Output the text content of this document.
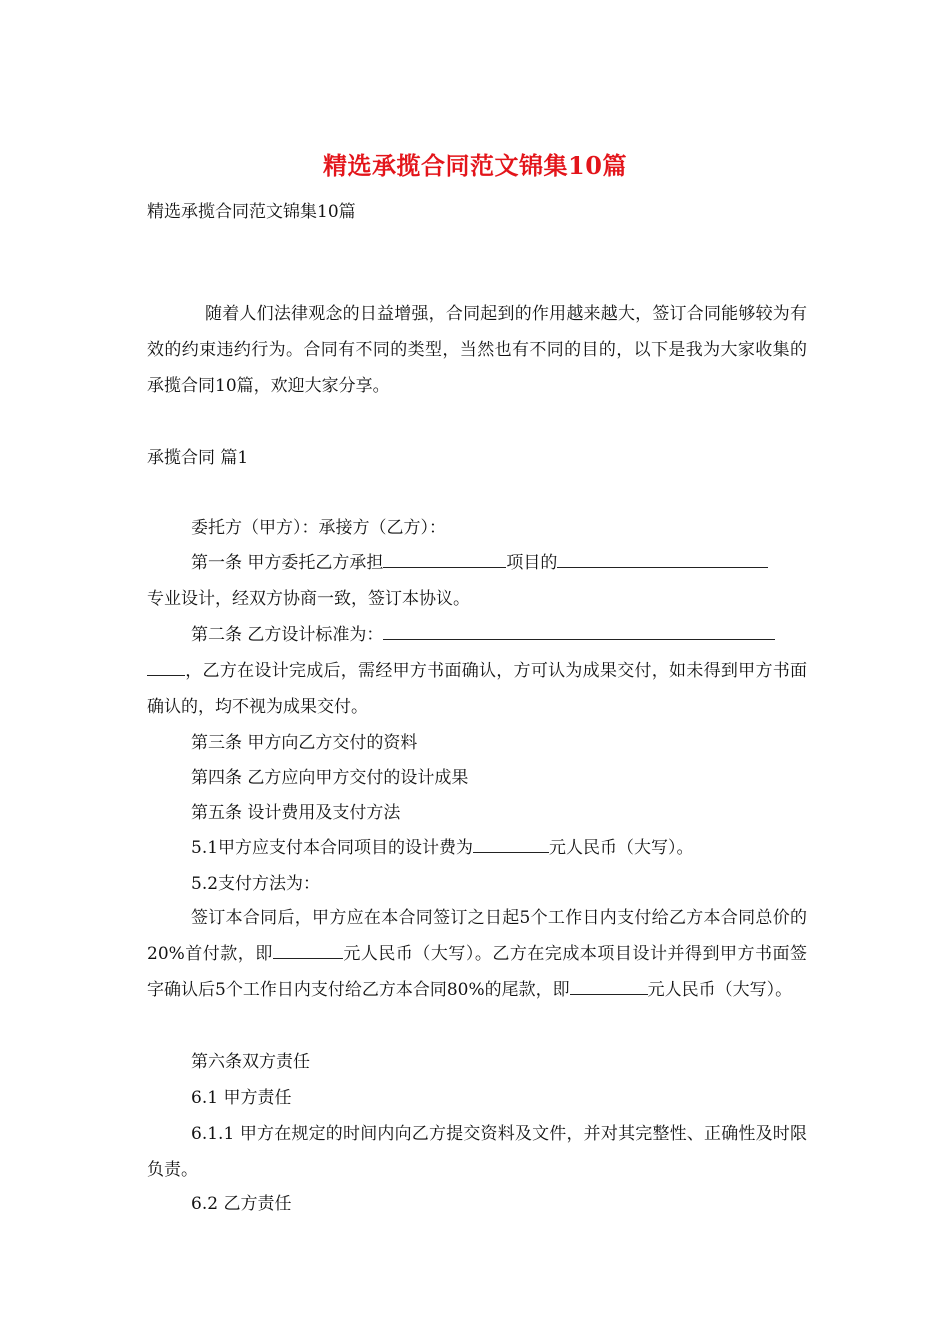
精选承揽合同范文锦集10篇
精选承揽合同范文锦集10篇

随着人们法律观念的日益增强，合同起到的作用越来越大，签订合同能够较为有效的约束违约行为。合同有不同的类型，当然也有不同的目的，以下是我为大家收集的承揽合同10篇，欢迎大家分享。

承揽合同 篇1

委托方（甲方）：承接方（乙方）：

第一条 甲方委托乙方承担	项目的

专业设计，经双方协商一致，签订本协议。

第二条 乙方设计标准为：

，乙方在设计完成后，需经甲方书面确认，方可认为成果交付，如未得到甲方书面确认的，均不视为成果交付。

第三条 甲方向乙方交付的资料

第四条 乙方应向甲方交付的设计成果

第五条 设计费用及支付方法

5.1甲方应支付本合同项目的设计费为	元人民币（大写）。

5.2支付方法为：

签订本合同后，甲方应在本合同签订之日起5个工作日内支付给乙方本合同总价的20%首付款，即	元人民币（大写）。乙方在完成本项目设计并得到甲方书面签字确认后5个工作日内支付给乙方本合同80%的尾款，即	元人民币（大写）。

第六条双方责任

6.1 甲方责任

6.1.1 甲方在规定的时间内向乙方提交资料及文件，并对其完整性、正确性及时限负责。

6.2 乙方责任
